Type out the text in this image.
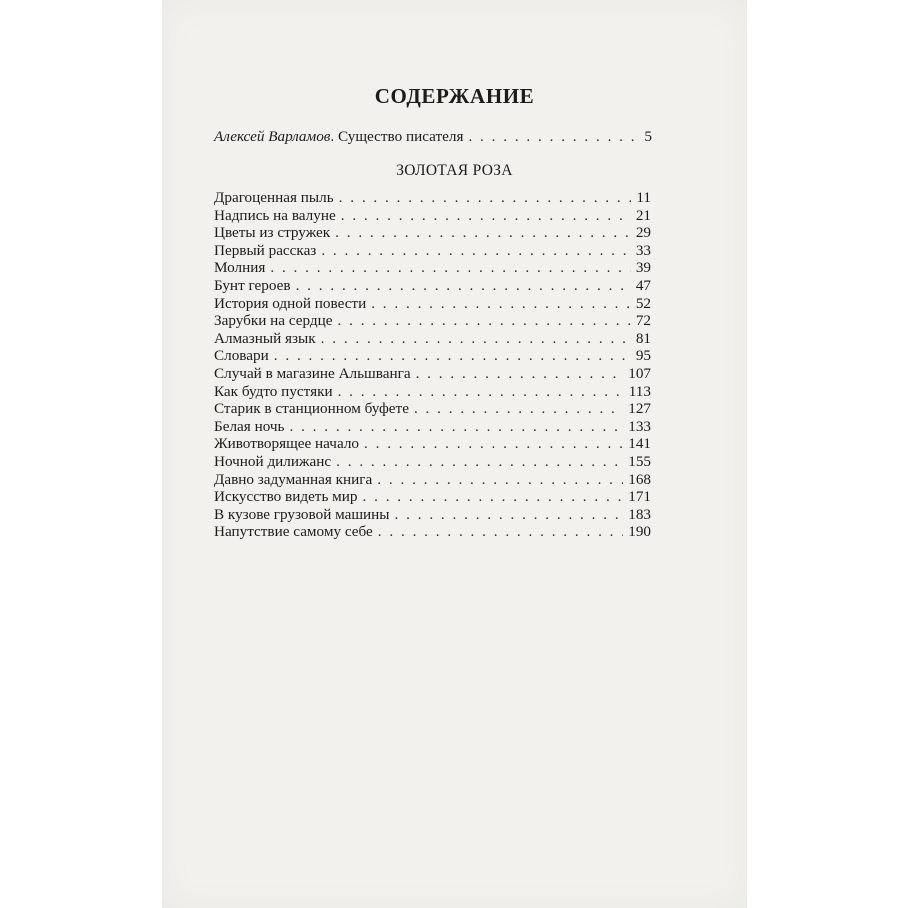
СОДЕРЖАНИЕ
Алексей Варламов. Существо писателя . . .	5
ЗОЛОТАЯ РОЗА
Драгоценная пыль . . .	11
Надпись на валуне . . .	21
Цветы из стружек . . .	29
Первый рассказ . . .	33
Молния . . .	39
Бунт героев . . .	47
История одной повести . . .	52
Зарубки на сердце . . .	72
Алмазный язык . . .	81
Словари . . .	95
Случай в магазине Альшванга . . .	107
Как будто пустяки . . .	113
Старик в станционном буфете . . .	127
Белая ночь . . .	133
Животворящее начало . . .	141
Ночной дилижанс . . .	155
Давно задуманная книга . . .	168
Искусство видеть мир . . .	171
В кузове грузовой машины . . .	183
Напутствие самому себе . . .	190
